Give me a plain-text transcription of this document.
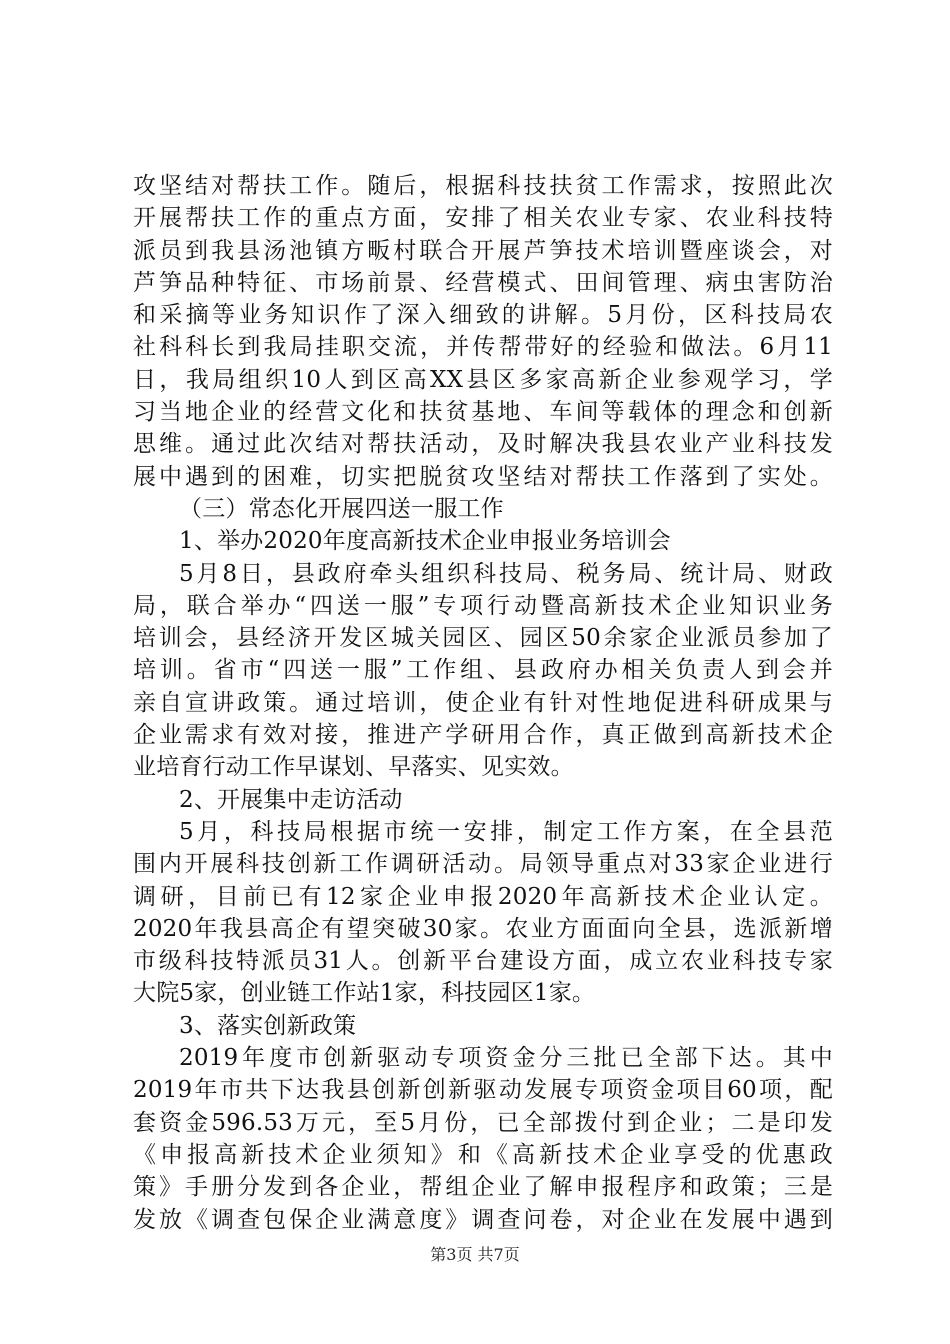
攻坚结对帮扶工作。随后，根据科技扶贫工作需求，按照此次
开展帮扶工作的重点方面，安排了相关农业专家、农业科技特
派员到我县汤池镇方畈村联合开展芦笋技术培训暨座谈会，对
芦笋品种特征、市场前景、经营模式、田间管理、病虫害防治
和采摘等业务知识作了深入细致的讲解。5月份，区科技局农
社科科长到我局挂职交流，并传帮带好的经验和做法。6月11
日，我局组织10人到区高XX县区多家高新企业参观学习，学
习当地企业的经营文化和扶贫基地、车间等载体的理念和创新
思维。通过此次结对帮扶活动，及时解决我县农业产业科技发
展中遇到的困难，切实把脱贫攻坚结对帮扶工作落到了实处。
（三）常态化开展四送一服工作
1、举办2020年度高新技术企业申报业务培训会
5月8日，县政府牵头组织科技局、税务局、统计局、财政
局，联合举办“四送一服”专项行动暨高新技术企业知识业务
培训会，县经济开发区城关园区、园区50余家企业派员参加了
培训。省市“四送一服”工作组、县政府办相关负责人到会并
亲自宣讲政策。通过培训，使企业有针对性地促进科研成果与
企业需求有效对接，推进产学研用合作，真正做到高新技术企
业培育行动工作早谋划、早落实、见实效。
2、开展集中走访活动
5月，科技局根据市统一安排，制定工作方案，在全县范
围内开展科技创新工作调研活动。局领导重点对33家企业进行
调研，目前已有12家企业申报2020年高新技术企业认定。
2020年我县高企有望突破30家。农业方面面向全县，选派新增
市级科技特派员31人。创新平台建设方面，成立农业科技专家
大院5家，创业链工作站1家，科技园区1家。
3、落实创新政策
2019年度市创新驱动专项资金分三批已全部下达。其中
2019年市共下达我县创新创新驱动发展专项资金项目60项，配
套资金596.53万元，至5月份，已全部拨付到企业；二是印发
《申报高新技术企业须知》和《高新技术企业享受的优惠政
策》手册分发到各企业，帮组企业了解申报程序和政策；三是
发放《调查包保企业满意度》调查问卷，对企业在发展中遇到
第3页 共7页
